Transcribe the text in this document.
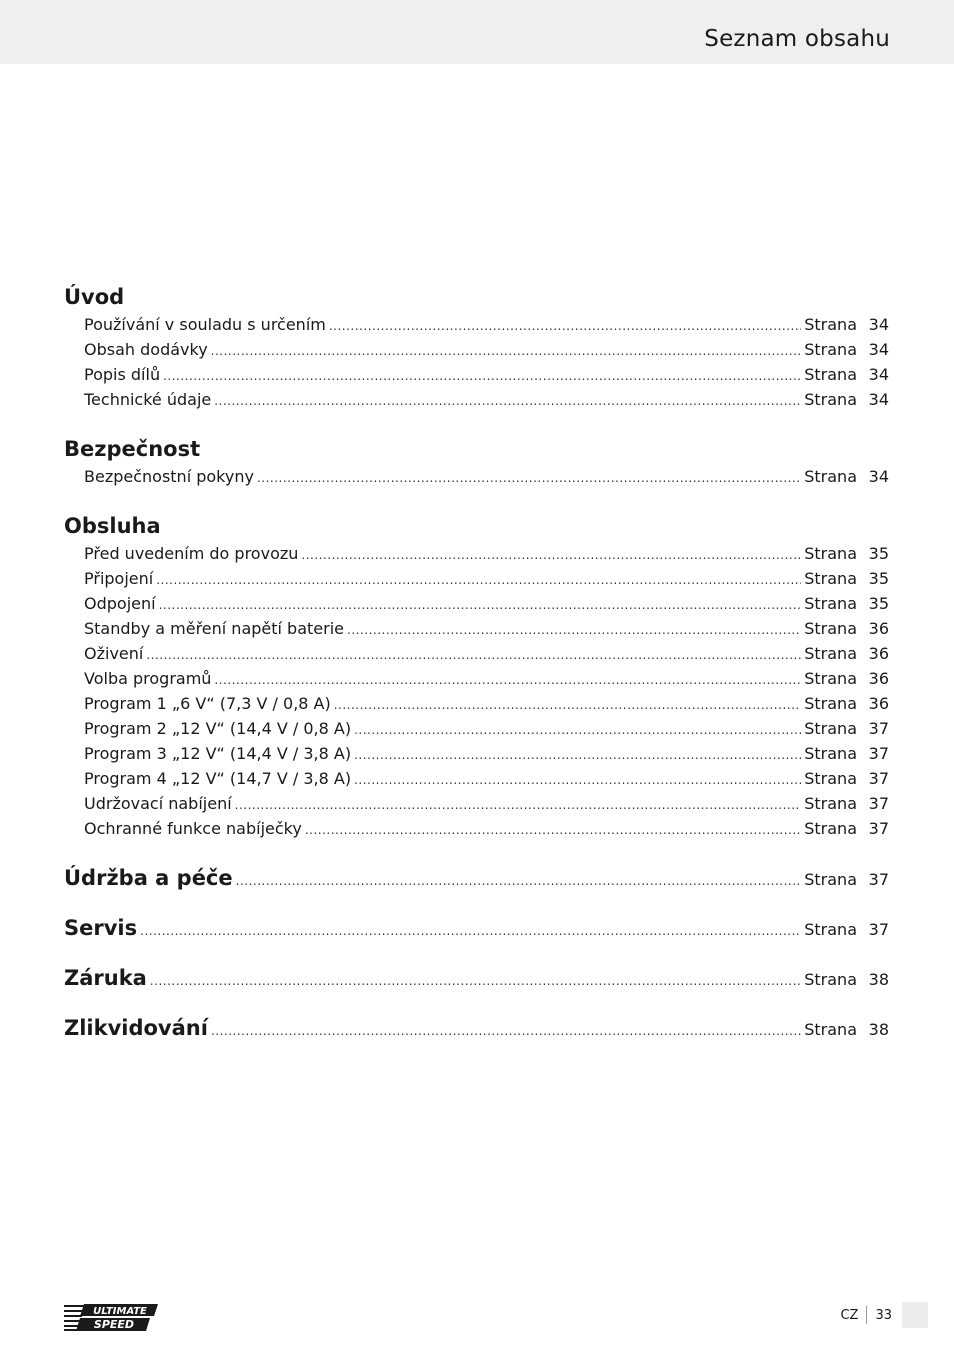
Seznam obsahu
Úvod
Používání v souladu s určením .....	Strana 34
Obsah dodávky .....	Strana 34
Popis dílů .....	Strana 34
Technické údaje .....	Strana 34
Bezpečnost
Bezpečnostní pokyny .....	Strana 34
Obsluha
Před uvedením do provozu .....	Strana 35
Připojení .....	Strana 35
Odpojení .....	Strana 35
Standby a měření napětí baterie .....	Strana 36
Oživení .....	Strana 36
Volba programů .....	Strana 36
Program 1 „6 V“ (7,3 V / 0,8 A) .....	Strana 36
Program 2 „12 V“ (14,4 V / 0,8 A) .....	Strana 37
Program 3 „12 V“ (14,4 V / 3,8 A) .....	Strana 37
Program 4 „12 V“ (14,7 V / 3,8 A) .....	Strana 37
Udržovací nabíjení .....	Strana 37
Ochranné funkce nabíječky .....	Strana 37
Údržba a péče .....	Strana 37
Servis .....	Strana 37
Záruka .....	Strana 38
Zlikvidování .....	Strana 38
ULTIMATE
SPEED
CZ	33
